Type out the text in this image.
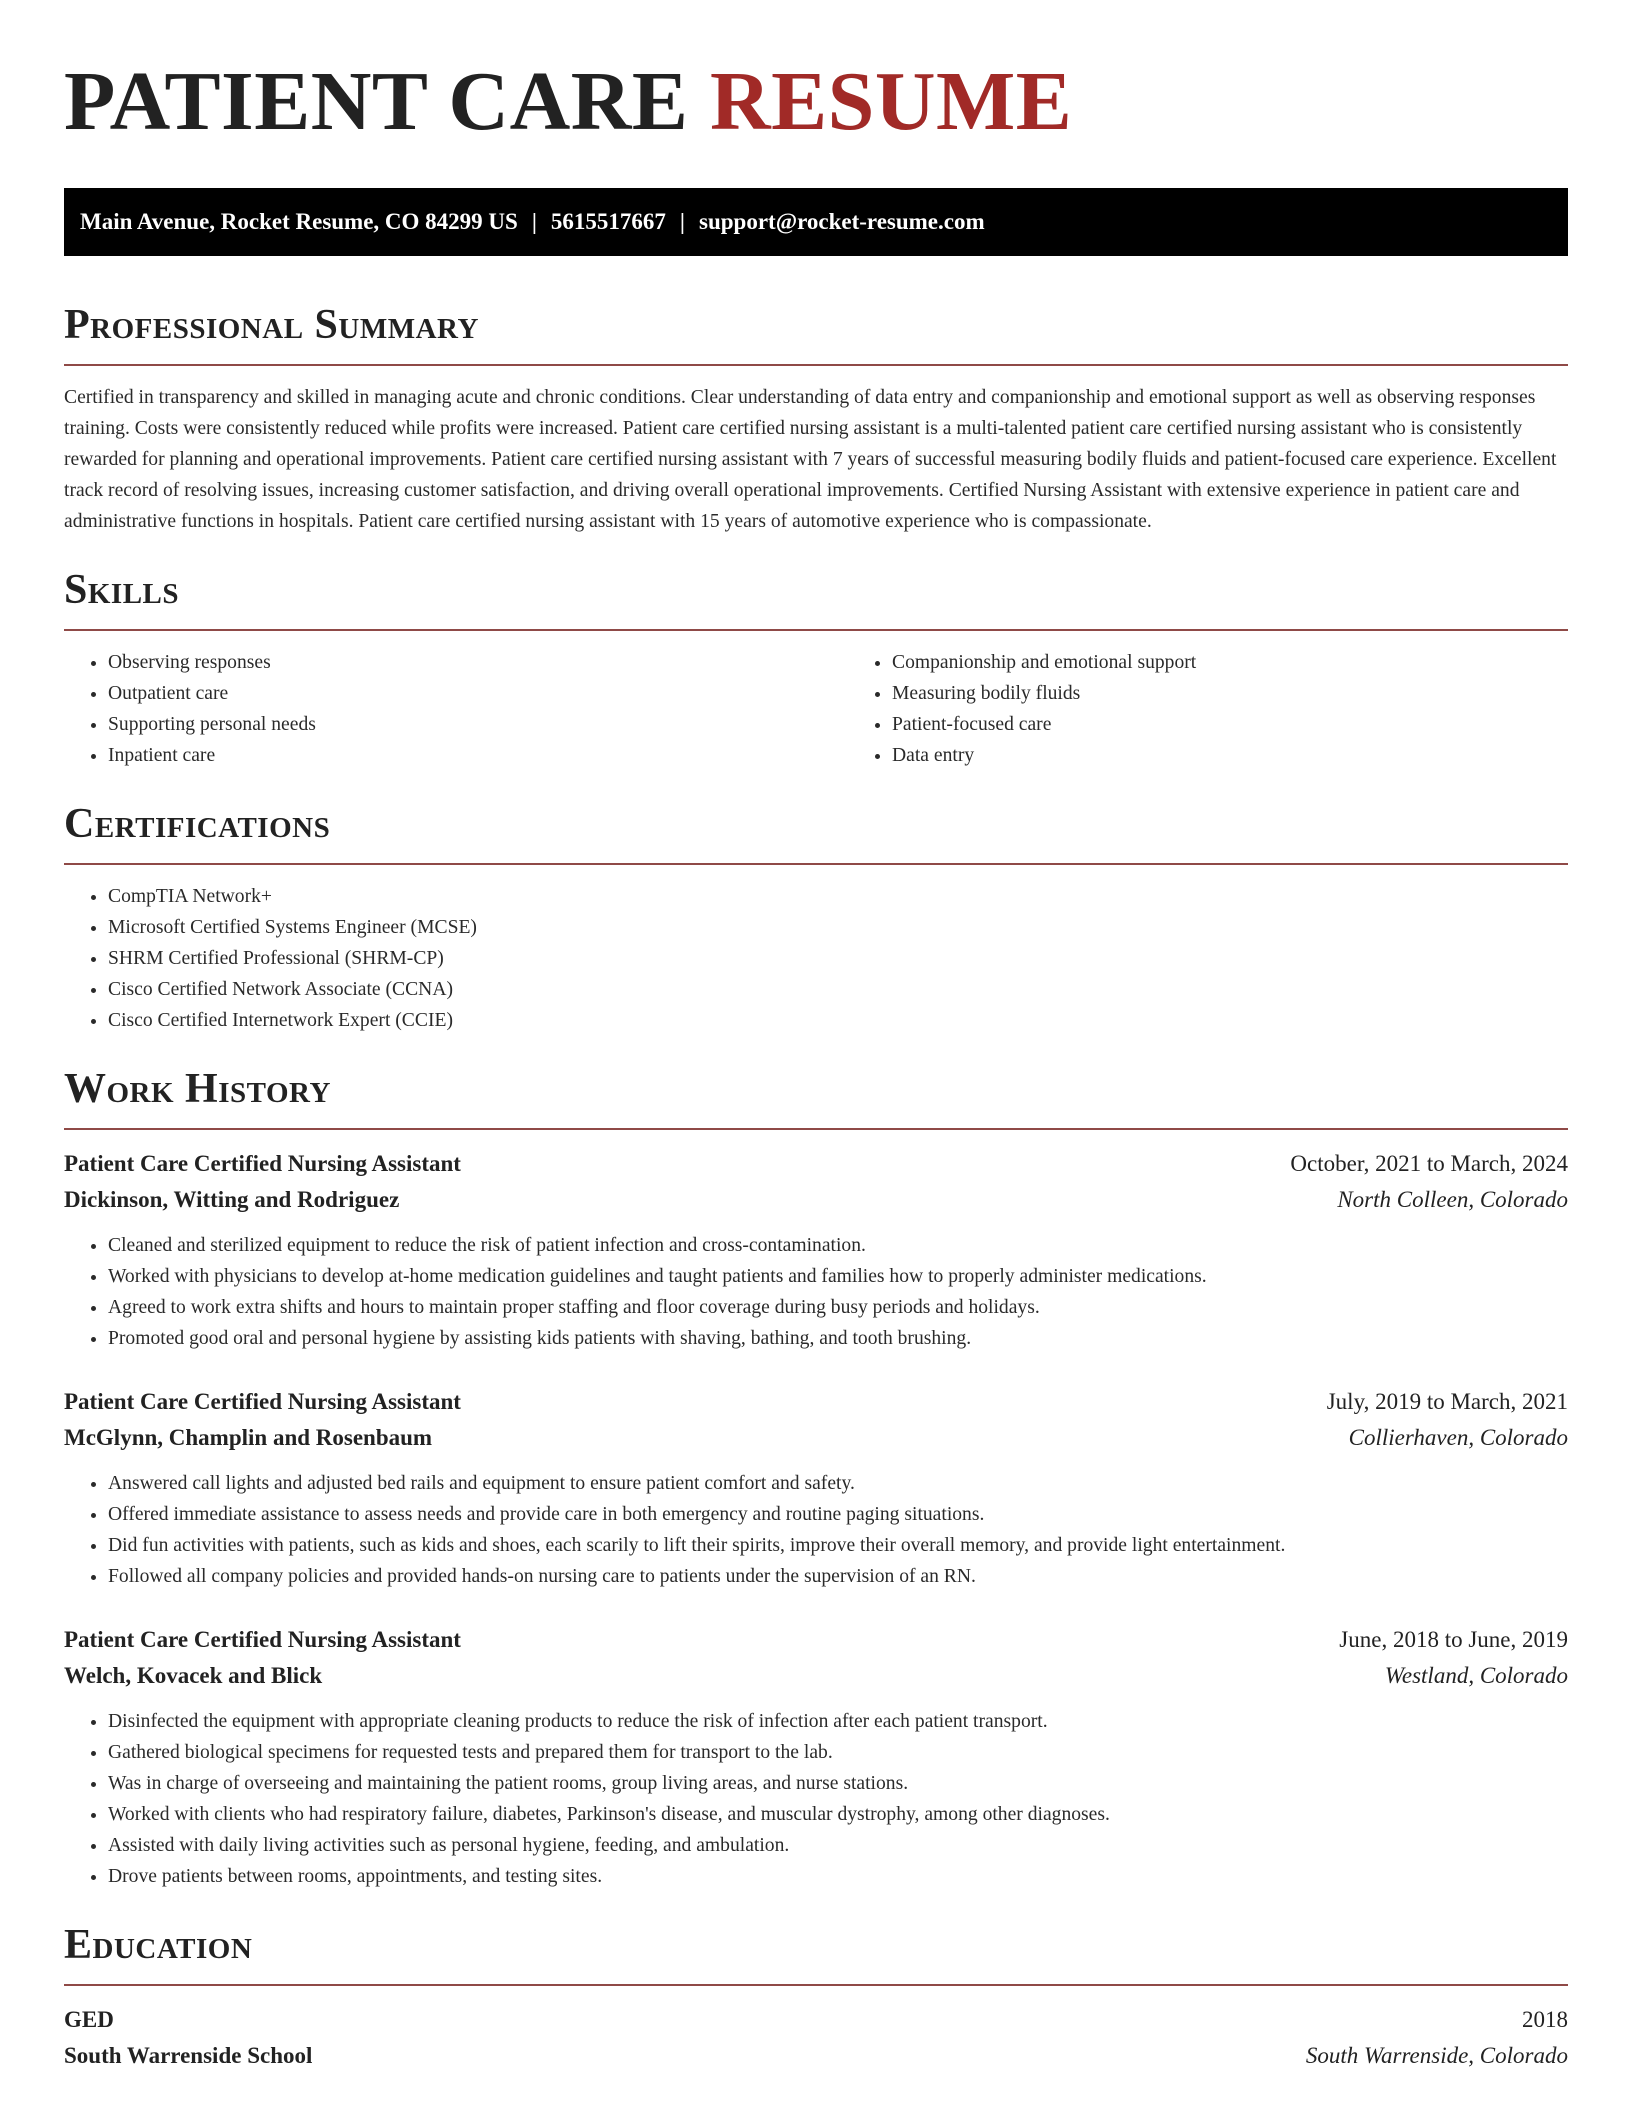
PATIENT CARE RESUME
Main Avenue, Rocket Resume, CO 84299 US | 5615517667 | support@rocket-resume.com
Professional Summary

Certified in transparency and skilled in managing acute and chronic conditions. Clear understanding of data entry and companionship and emotional support as well as observing responses training. Costs were consistently reduced while profits were increased. Patient care certified nursing assistant is a multi-talented patient care certified nursing assistant who is consistently rewarded for planning and operational improvements. Patient care certified nursing assistant with 7 years of successful measuring bodily fluids and patient-focused care experience. Excellent track record of resolving issues, increasing customer satisfaction, and driving overall operational improvements. Certified Nursing Assistant with extensive experience in patient care and administrative functions in hospitals. Patient care certified nursing assistant with 15 years of automotive experience who is compassionate.

Skills
• Observing responses
• Outpatient care
• Supporting personal needs
• Inpatient care
• Companionship and emotional support
• Measuring bodily fluids
• Patient-focused care
• Data entry
Certifications
• CompTIA Network+
• Microsoft Certified Systems Engineer (MCSE)
• SHRM Certified Professional (SHRM-CP)
• Cisco Certified Network Associate (CCNA)
• Cisco Certified Internetwork Expert (CCIE)
Work History
Patient Care Certified Nursing Assistant	October, 2021 to March, 2024
Dickinson, Witting and Rodriguez	North Colleen, Colorado
• Cleaned and sterilized equipment to reduce the risk of patient infection and cross-contamination.
• Worked with physicians to develop at-home medication guidelines and taught patients and families how to properly administer medications.
• Agreed to work extra shifts and hours to maintain proper staffing and floor coverage during busy periods and holidays.
• Promoted good oral and personal hygiene by assisting kids patients with shaving, bathing, and tooth brushing.
Patient Care Certified Nursing Assistant	July, 2019 to March, 2021
McGlynn, Champlin and Rosenbaum	Collierhaven, Colorado
• Answered call lights and adjusted bed rails and equipment to ensure patient comfort and safety.
• Offered immediate assistance to assess needs and provide care in both emergency and routine paging situations.
• Did fun activities with patients, such as kids and shoes, each scarily to lift their spirits, improve their overall memory, and provide light entertainment.
• Followed all company policies and provided hands-on nursing care to patients under the supervision of an RN.
Patient Care Certified Nursing Assistant	June, 2018 to June, 2019
Welch, Kovacek and Blick	Westland, Colorado
• Disinfected the equipment with appropriate cleaning products to reduce the risk of infection after each patient transport.
• Gathered biological specimens for requested tests and prepared them for transport to the lab.
• Was in charge of overseeing and maintaining the patient rooms, group living areas, and nurse stations.
• Worked with clients who had respiratory failure, diabetes, Parkinson's disease, and muscular dystrophy, among other diagnoses.
• Assisted with daily living activities such as personal hygiene, feeding, and ambulation.
• Drove patients between rooms, appointments, and testing sites.
Education
GED	2018
South Warrenside School	South Warrenside, Colorado
